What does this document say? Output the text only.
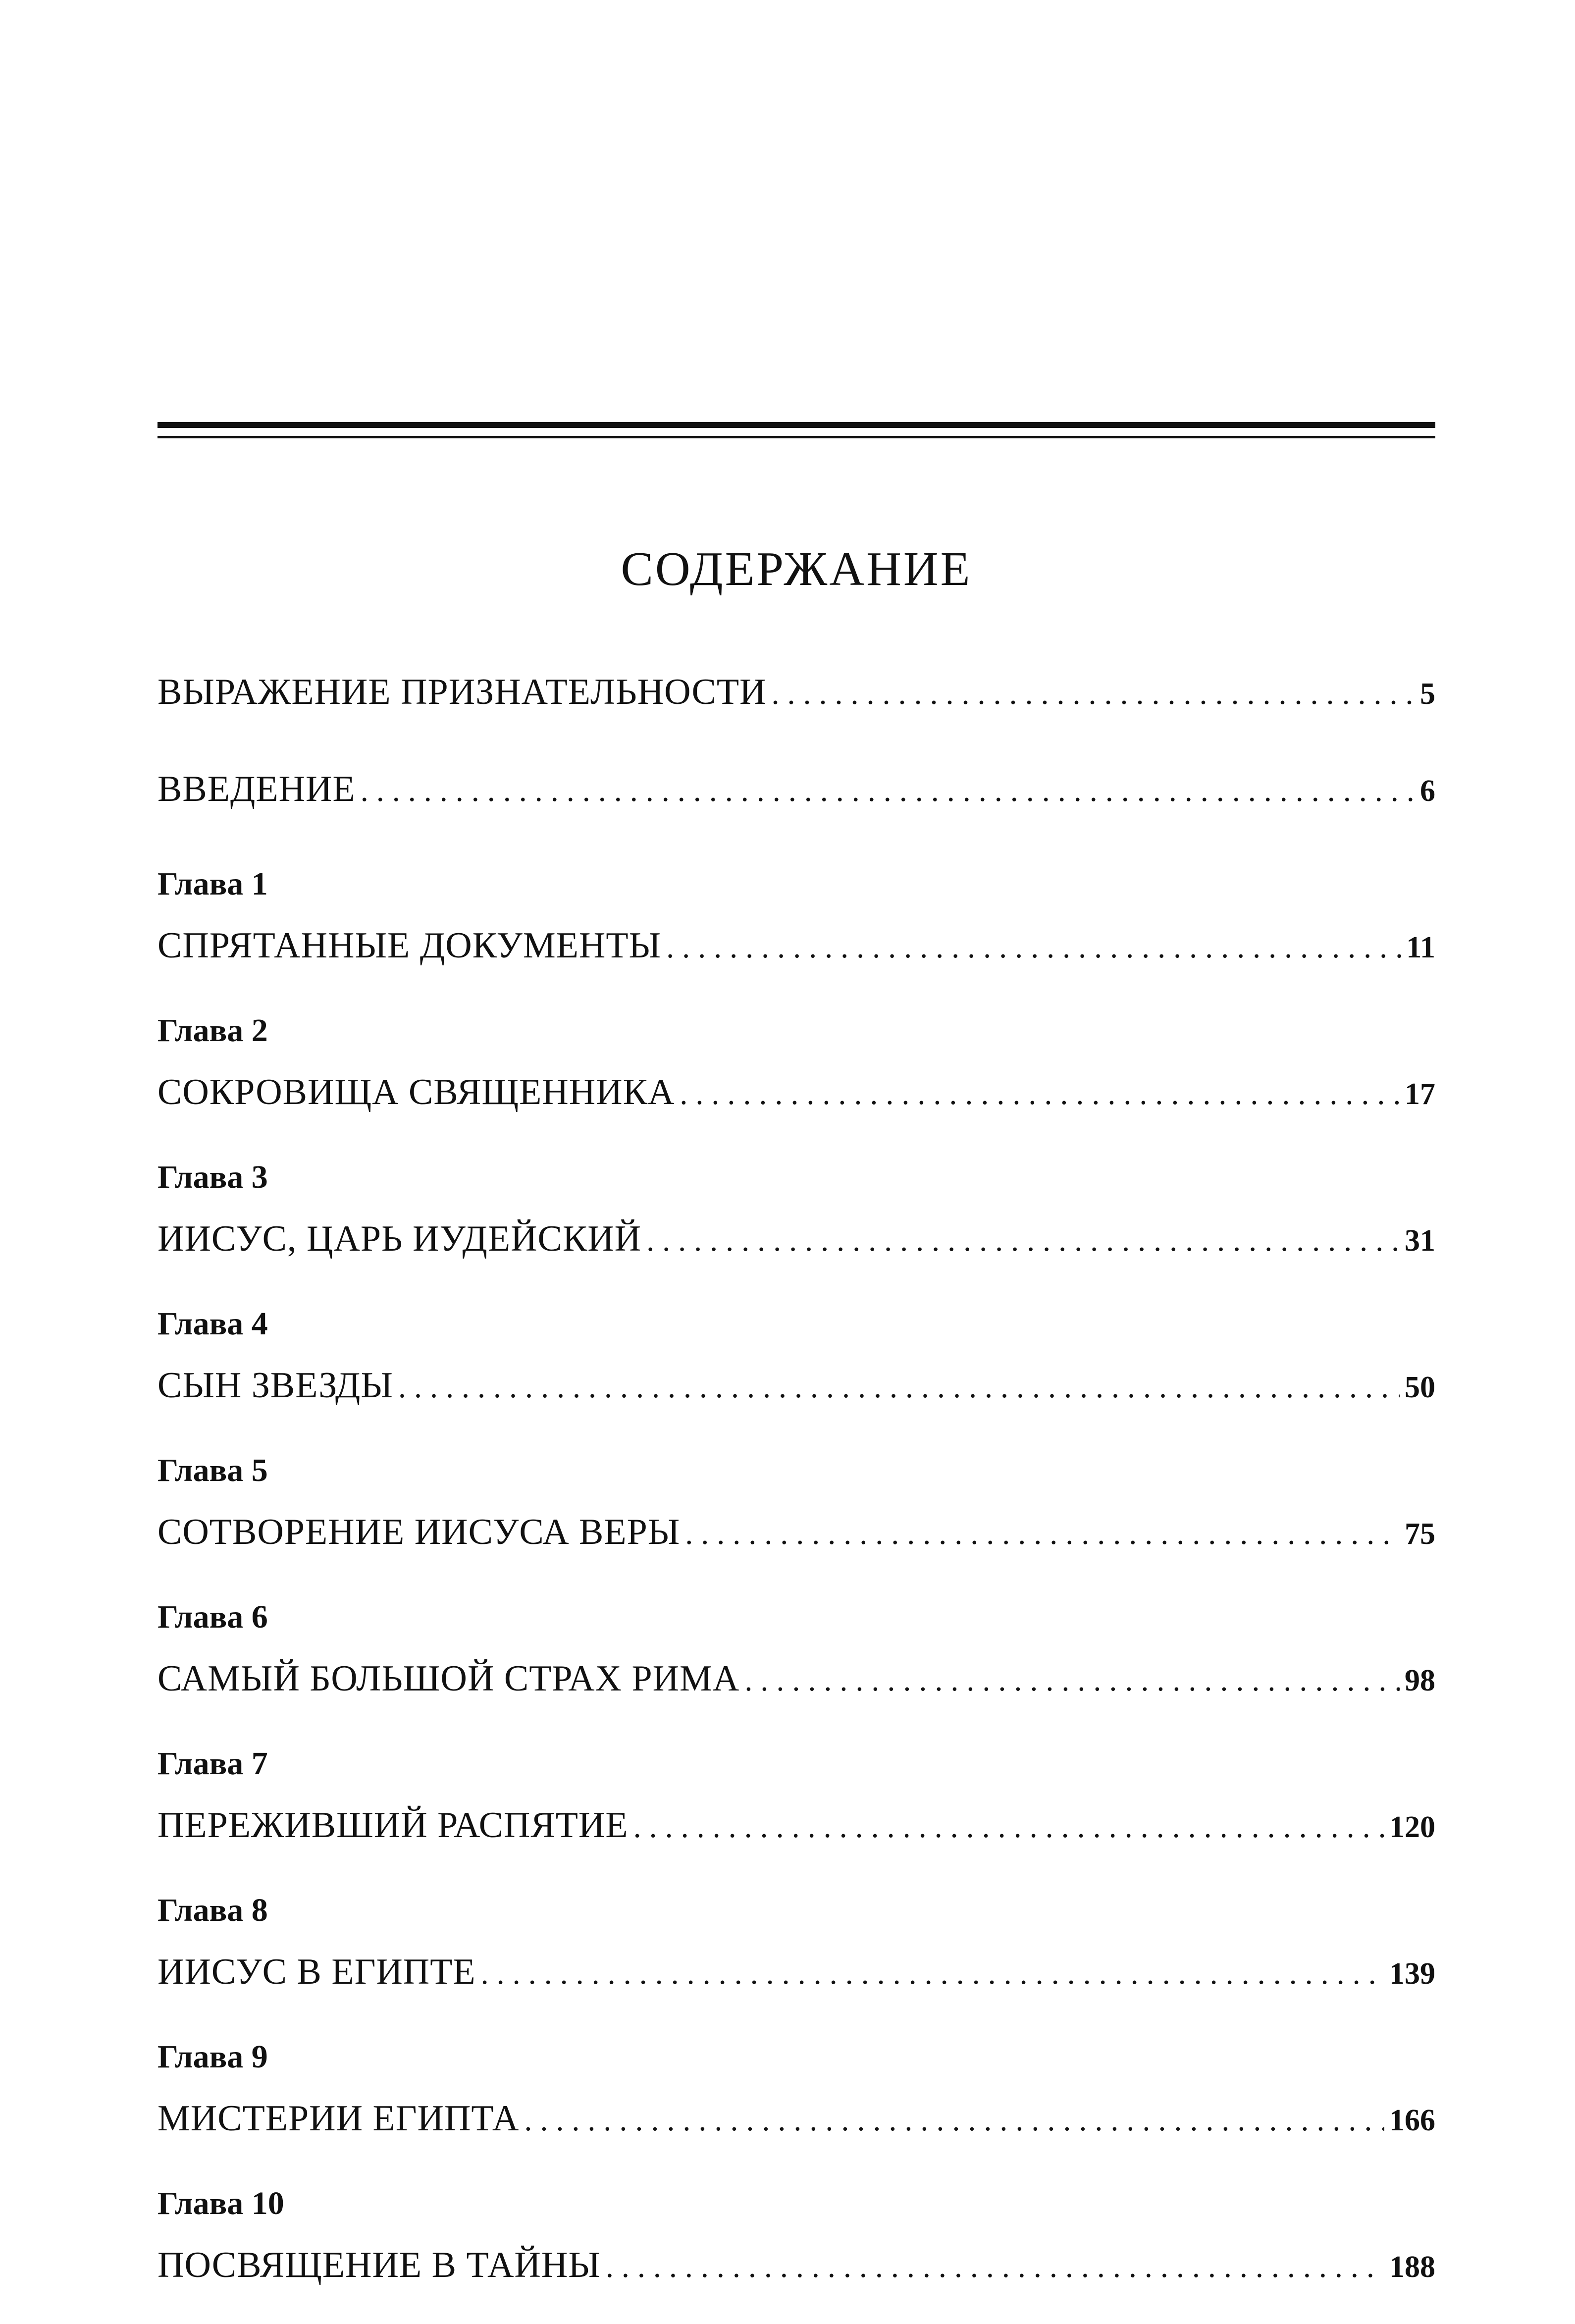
СОДЕРЖАНИЕ
ВЫРАЖЕНИЕ ПРИЗНАТЕЛЬНОСТИ . . .	5
ВВЕДЕНИЕ . . .	6
Глава 1
СПРЯТАННЫЕ ДОКУМЕНТЫ . . .	11
Глава 2
СОКРОВИЩА СВЯЩЕННИКА . . .	17
Глава 3
ИИСУС, ЦАРЬ ИУДЕЙСКИЙ . . .	31
Глава 4
СЫН ЗВЕЗДЫ . . .	50
Глава 5
СОТВОРЕНИЕ ИИСУСА ВЕРЫ . . .	75
Глава 6
САМЫЙ БОЛЬШОЙ СТРАХ РИМА . . .	98
Глава 7
ПЕРЕЖИВШИЙ РАСПЯТИЕ . . .	120
Глава 8
ИИСУС В ЕГИПТЕ . . .	139
Глава 9
МИСТЕРИИ ЕГИПТА . . .	166
Глава 10
ПОСВЯЩЕНИЕ В ТАЙНЫ . . .	188
